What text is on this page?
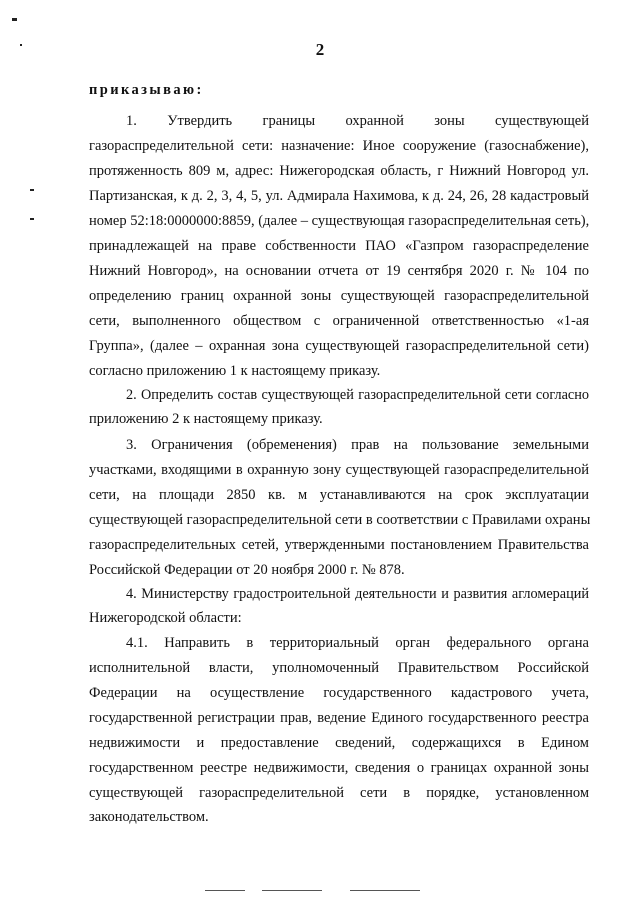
2
приказываю:
1. Утвердить границы охранной зоны существующей
газораспределительной сети: назначение: Иное сооружение (газоснабжение),
протяженность 809 м, адрес: Нижегородская область, г Нижний Новгород ул.
Партизанская, к д. 2, 3, 4, 5, ул. Адмирала Нахимова, к д. 24, 26, 28 кадастровый
номер 52:18:0000000:8859, (далее – существующая газораспределительная сеть),
принадлежащей на праве собственности ПАО «Газпром газораспределение
Нижний Новгород», на основании отчета от 19 сентября 2020 г. № 104 по
определению границ охранной зоны существующей газораспределительной
сети, выполненного обществом с ограниченной ответственностью «1-ая
Группа», (далее – охранная зона существующей газораспределительной сети)
согласно приложению 1 к настоящему приказу.
2. Определить состав существующей газораспределительной сети согласно
приложению 2 к настоящему приказу.
3. Ограничения (обременения) прав на пользование земельными
участками, входящими в охранную зону существующей газораспределительной
сети, на площади 2850 кв. м устанавливаются на срок эксплуатации
существующей газораспределительной сети в соответствии с Правилами охраны
газораспределительных сетей, утвержденными постановлением Правительства
Российской Федерации от 20 ноября 2000 г. № 878.
4. Министерству градостроительной деятельности и развития агломераций
Нижегородской области:
4.1. Направить в территориальный орган федерального органа
исполнительной власти, уполномоченный Правительством Российской
Федерации на осуществление государственного кадастрового учета,
государственной регистрации прав, ведение Единого государственного реестра
недвижимости и предоставление сведений, содержащихся в Едином
государственном реестре недвижимости, сведения о границах охранной зоны
существующей газораспределительной сети в порядке, установленном
законодательством.
